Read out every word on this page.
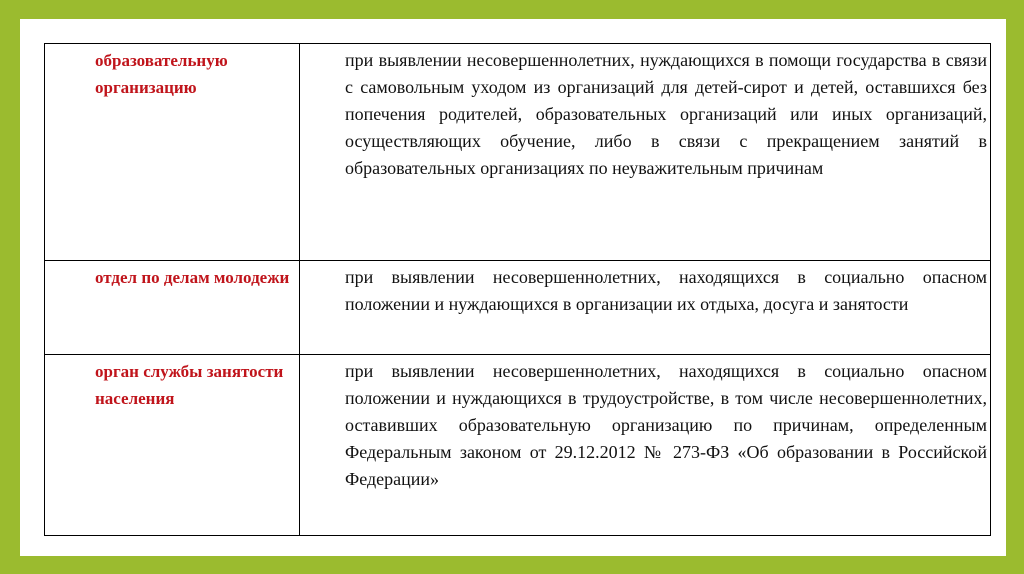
образовательную организацию	при выявлении несовершеннолетних, нуждающихся в помощи государства в связи с самовольным уходом из организаций для детей-сирот и детей, оставшихся без попечения родителей, образовательных организаций или иных организаций, осуществляющих обучение, либо в связи с прекращением занятий в образовательных организациях по неуважительным причинам

отдел по делам молодежи	при выявлении несовершеннолетних, находящихся в социально опасном положении и нуждающихся в организации их отдыха, досуга и занятости

орган службы занятости населения	при выявлении несовершеннолетних, находящихся в социально опасном положении и нуждающихся в трудоустройстве, в том числе несовершеннолетних, оставивших образовательную организацию по причинам, определенным Федеральным законом от 29.12.2012 № 273-ФЗ «Об образовании в Российской Федерации»
